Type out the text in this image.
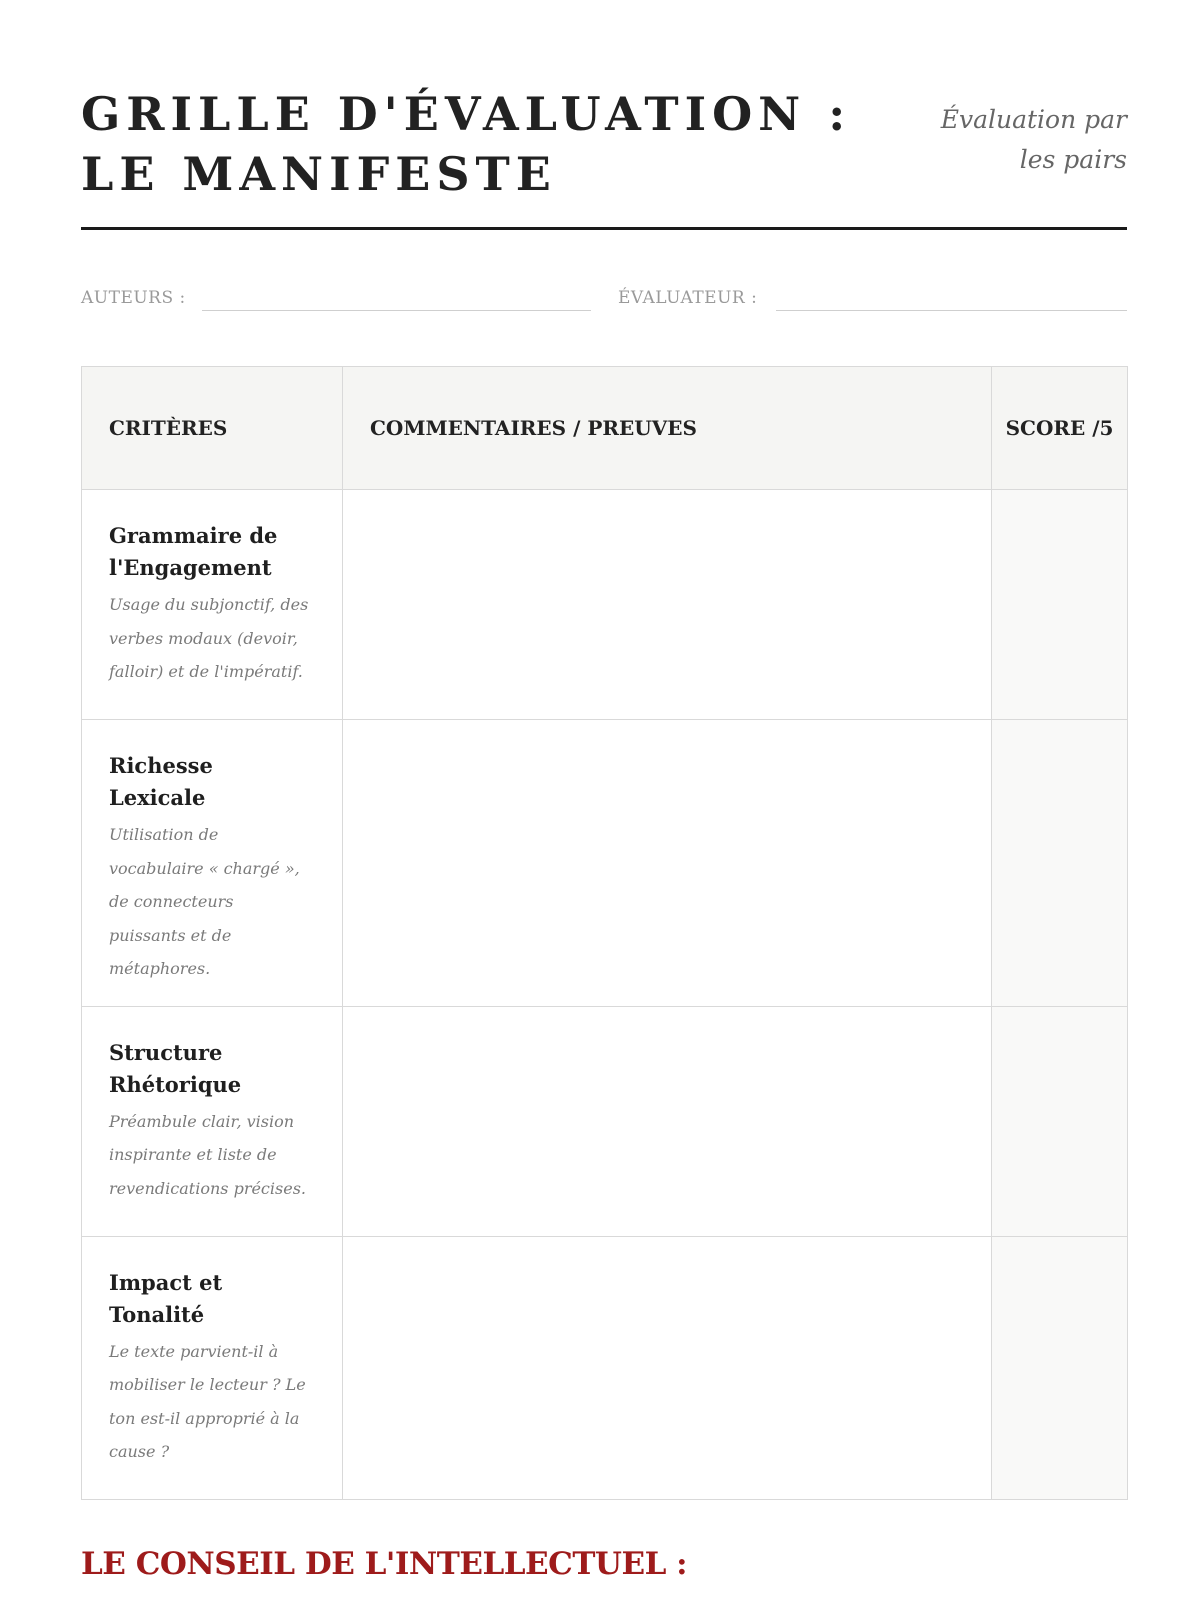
GRILLE D'ÉVALUATION : LE MANIFESTE
Évaluation par les pairs
AUTEURS :	ÉVALUATEUR :
CRITÈRES	COMMENTAIRES / PREUVES	SCORE /5

Grammaire de l'Engagement
Usage du subjonctif, des verbes modaux (devoir, falloir) et de l'impératif.		

Richesse Lexicale
Utilisation de vocabulaire « chargé », de connecteurs puissants et de métaphores.		

Structure Rhétorique
Préambule clair, vision inspirante et liste de revendications précises.		

Impact et Tonalité
Le texte parvient-il à mobiliser le lecteur ? Le ton est-il approprié à la cause ?		

LE CONSEIL DE L'INTELLECTUEL :
